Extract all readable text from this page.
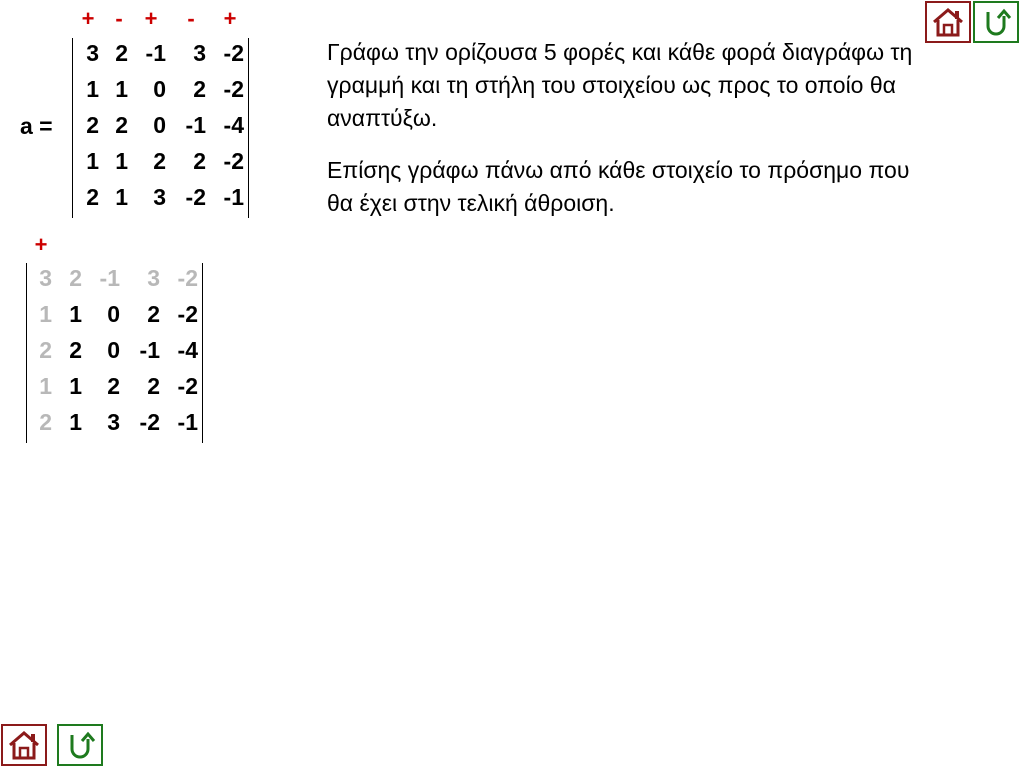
+ - + - +
a =
3 2 -1	3 -2
1 1	0	2 -2
2 2	0 -1 -4
1 1	2	2 -2
2 1	3 -2 -1

Γράφω την ορίζουσα 5 φορές και κάθε φορά διαγράφω τη γραμμή και τη στήλη του στοιχείου ως προς το οποίο θα αναπτύξω.

Επίσης γράφω πάνω από κάθε στοιχείο το πρόσημο που θα έχει στην τελική άθροιση.

+
3 2 -1	3 -2
1 1	0	2 -2
2 2	0 -1 -4
1 1	2	2 -2
2 1	3 -2 -1
